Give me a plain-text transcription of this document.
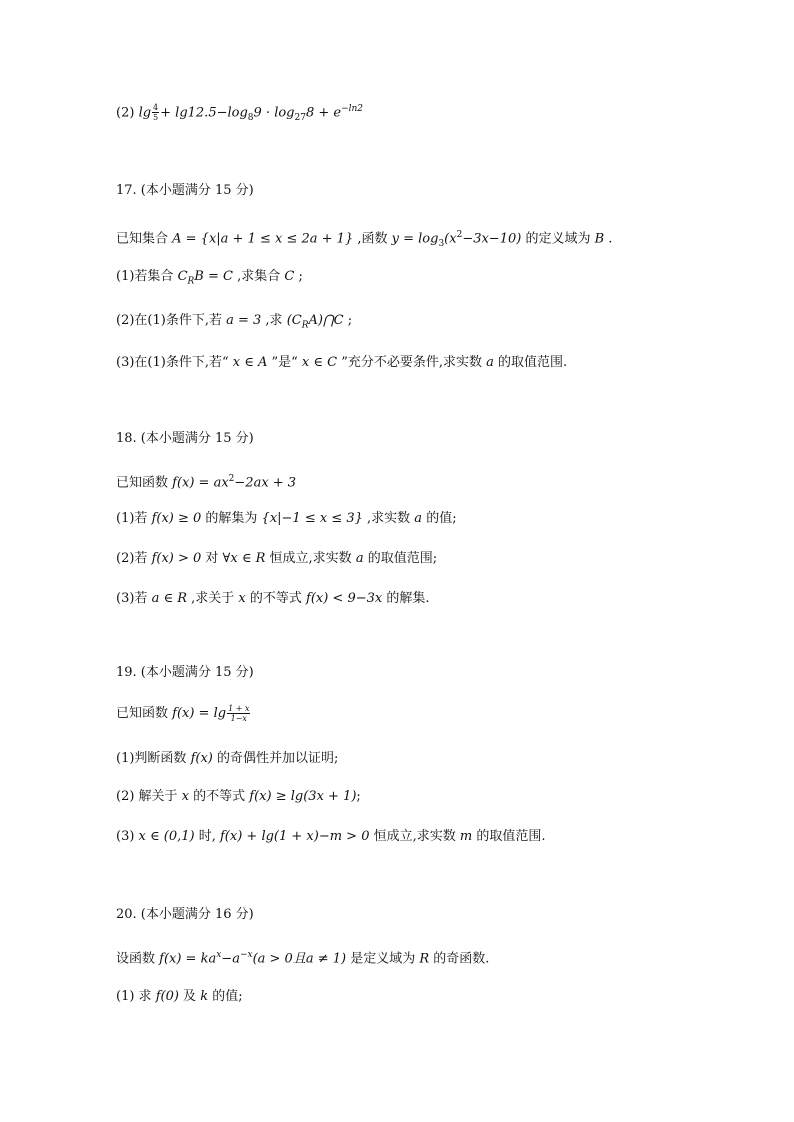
(2) $\lg \frac{4}{5} + \lg 12.5-\log_89 \cdot \log_{27}8 + e^{-ln2}$
17. (本小题满分 15 分)
已知集合 A = {x|a + 1 ≤ x ≤ 2a + 1} ,函数 $y = \log_3(x^2-3x-10)$ 的定义域为 B .
(1)若集合 $C_RB = C$ ,求集合 C ;
(2)在(1)条件下,若 a = 3 ,求 $(C_RA)⋂C$ ;
(3)在(1)条件下,若“ x ∈ A ”是“ x ∈ C ”充分不必要条件,求实数 a 的取值范围.
18. (本小题满分 15 分)
已知函数 $f(x) = ax^2-2ax + 3$
(1)若 f(x) ≥ 0 的解集为 {x|−1 ≤ x ≤ 3} ,求实数 a 的值;
(2)若 f(x) > 0 对 ∀x ∈ R 恒成立,求实数 a 的取值范围;
(3)若 a ∈ R ,求关于 x 的不等式 f(x) < 9−3x 的解集.
19. (本小题满分 15 分)
已知函数 $f(x) = \lg \frac{1 + x}{1-x}$
(1)判断函数 f(x) 的奇偶性并加以证明;
(2) 解关于 x 的不等式 f(x) ≥ lg(3x + 1);
(3) x ∈ (0,1) 时, f(x) + lg(1 + x)−m > 0 恒成立,求实数 m 的取值范围.
20. (本小题满分 16 分)
设函数 $f(x) = ka^x-a^{-x}(a > 0$且a ≠ 1) 是定义域为 R 的奇函数.
(1) 求 f(0) 及 k 的值;
